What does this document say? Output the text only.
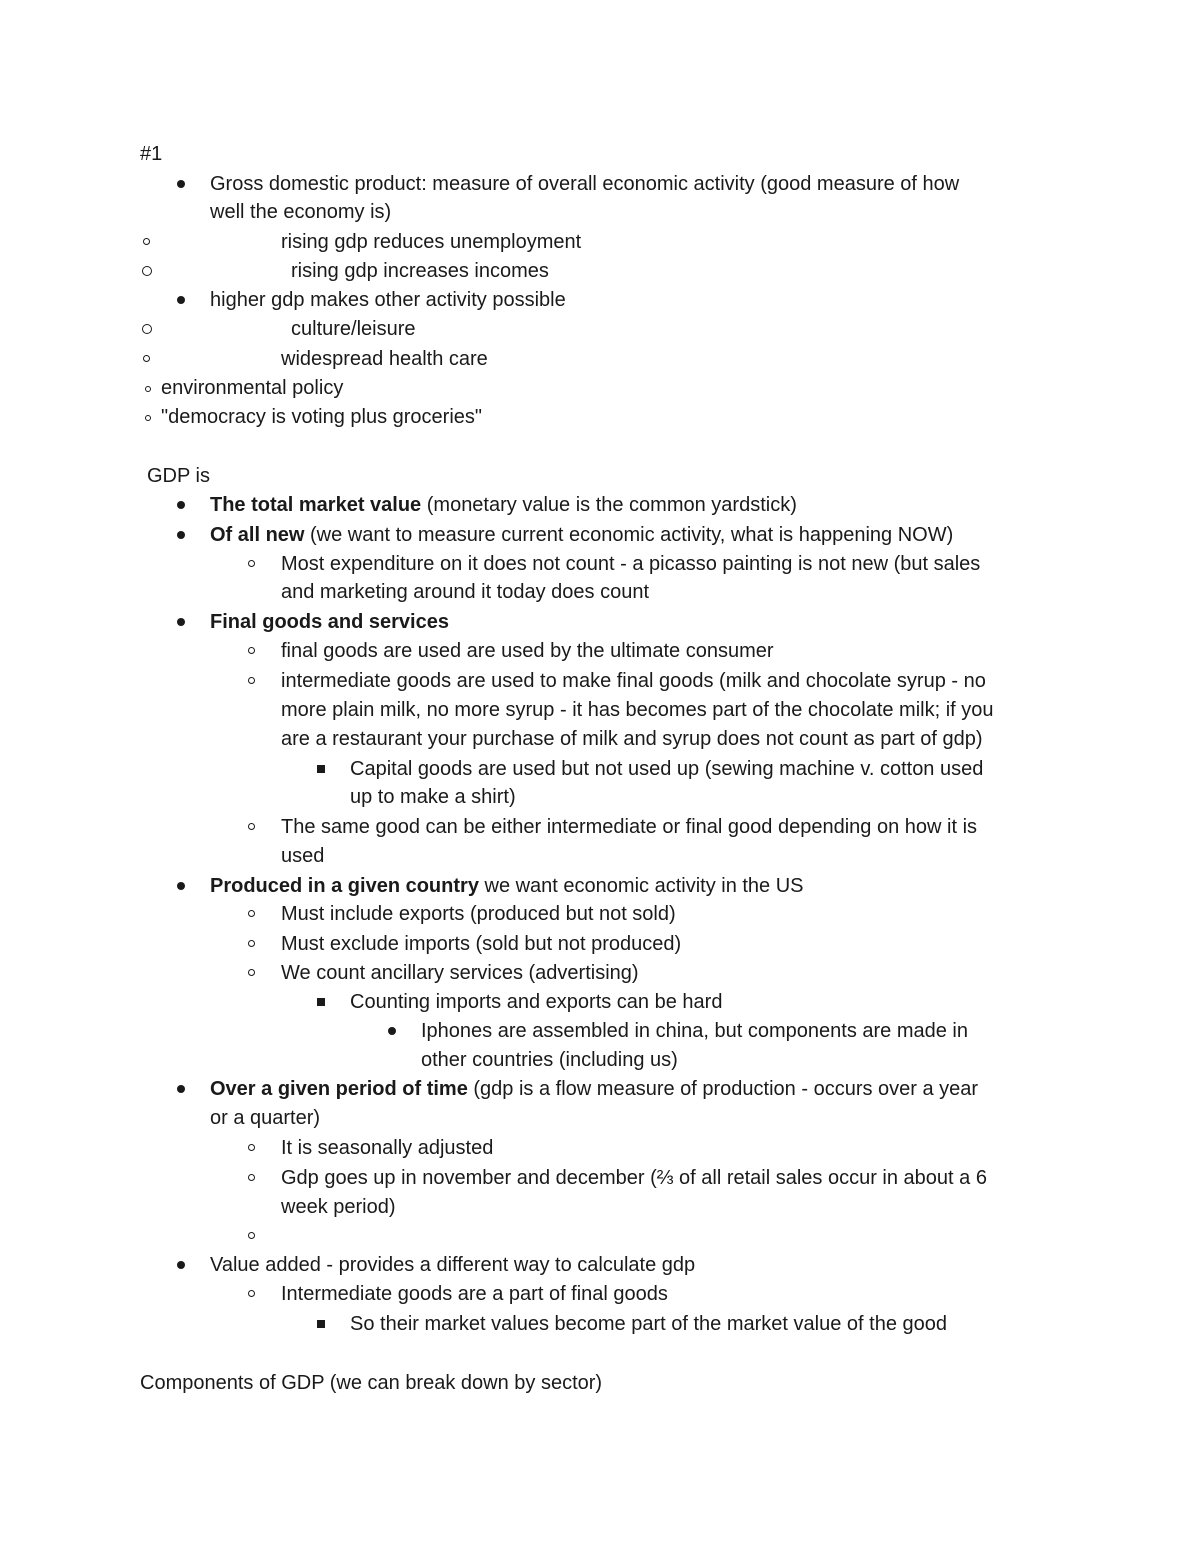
#1
Gross domestic product: measure of overall economic activity (good measure of how
well the economy is)
rising gdp reduces unemployment
rising gdp increases incomes
higher gdp makes other activity possible
culture/leisure
widespread health care
environmental policy
"democracy is voting plus groceries"
GDP is
The total market value (monetary value is the common yardstick)
Of all new (we want to measure current economic activity, what is happening NOW)
Most expenditure on it does not count - a picasso painting is not new (but sales
and marketing around it today does count
Final goods and services
final goods are used are used by the ultimate consumer
intermediate goods are used to make final goods (milk and chocolate syrup - no
more plain milk, no more syrup - it has becomes part of the chocolate milk; if you
are a restaurant your purchase of milk and syrup does not count as part of gdp)
Capital goods are used but not used up (sewing machine v. cotton used
up to make a shirt)
The same good can be either intermediate or final good depending on how it is
used
Produced in a given country we want economic activity in the US
Must include exports (produced but not sold)
Must exclude imports (sold but not produced)
We count ancillary services (advertising)
Counting imports and exports can be hard
Iphones are assembled in china, but components are made in
other countries (including us)
Over a given period of time (gdp is a flow measure of production - occurs over a year
or a quarter)
It is seasonally adjusted
Gdp goes up in november and december (⅔ of all retail sales occur in about a 6
week period)
Value added - provides a different way to calculate gdp
Intermediate goods are a part of final goods
So their market values become part of the market value of the good
Components of GDP (we can break down by sector)
